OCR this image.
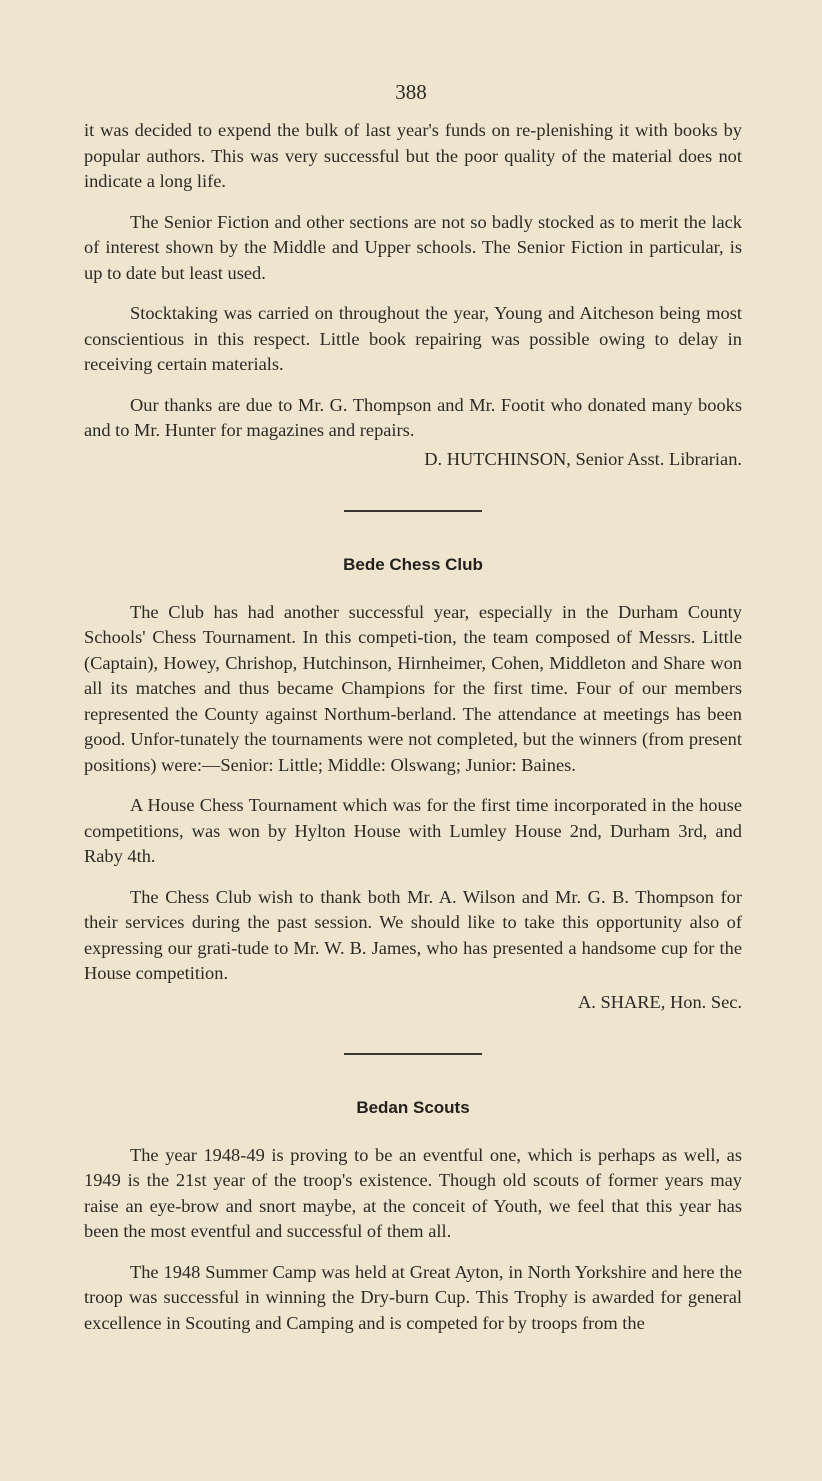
388

it was decided to expend the bulk of last year's funds on re-plenishing it with books by popular authors. This was very successful but the poor quality of the material does not indicate a long life.

The Senior Fiction and other sections are not so badly stocked as to merit the lack of interest shown by the Middle and Upper schools. The Senior Fiction in particular, is up to date but least used.

Stocktaking was carried on throughout the year, Young and Aitcheson being most conscientious in this respect. Little book repairing was possible owing to delay in receiving certain materials.

Our thanks are due to Mr. G. Thompson and Mr. Footit who donated many books and to Mr. Hunter for magazines and repairs.

D. HUTCHINSON, Senior Asst. Librarian.
Bede Chess Club

The Club has had another successful year, especially in the Durham County Schools' Chess Tournament. In this competi-tion, the team composed of Messrs. Little (Captain), Howey, Chrishop, Hutchinson, Hirnheimer, Cohen, Middleton and Share won all its matches and thus became Champions for the first time. Four of our members represented the County against Northum-berland. The attendance at meetings has been good. Unfor-tunately the tournaments were not completed, but the winners (from present positions) were:—Senior: Little; Middle: Olswang; Junior: Baines.

A House Chess Tournament which was for the first time incorporated in the house competitions, was won by Hylton House with Lumley House 2nd, Durham 3rd, and Raby 4th.

The Chess Club wish to thank both Mr. A. Wilson and Mr. G. B. Thompson for their services during the past session. We should like to take this opportunity also of expressing our grati-tude to Mr. W. B. James, who has presented a handsome cup for the House competition.

A. SHARE, Hon. Sec.
Bedan Scouts

The year 1948-49 is proving to be an eventful one, which is perhaps as well, as 1949 is the 21st year of the troop's existence. Though old scouts of former years may raise an eye-brow and snort maybe, at the conceit of Youth, we feel that this year has been the most eventful and successful of them all.

The 1948 Summer Camp was held at Great Ayton, in North Yorkshire and here the troop was successful in winning the Dry-burn Cup. This Trophy is awarded for general excellence in Scouting and Camping and is competed for by troops from the
